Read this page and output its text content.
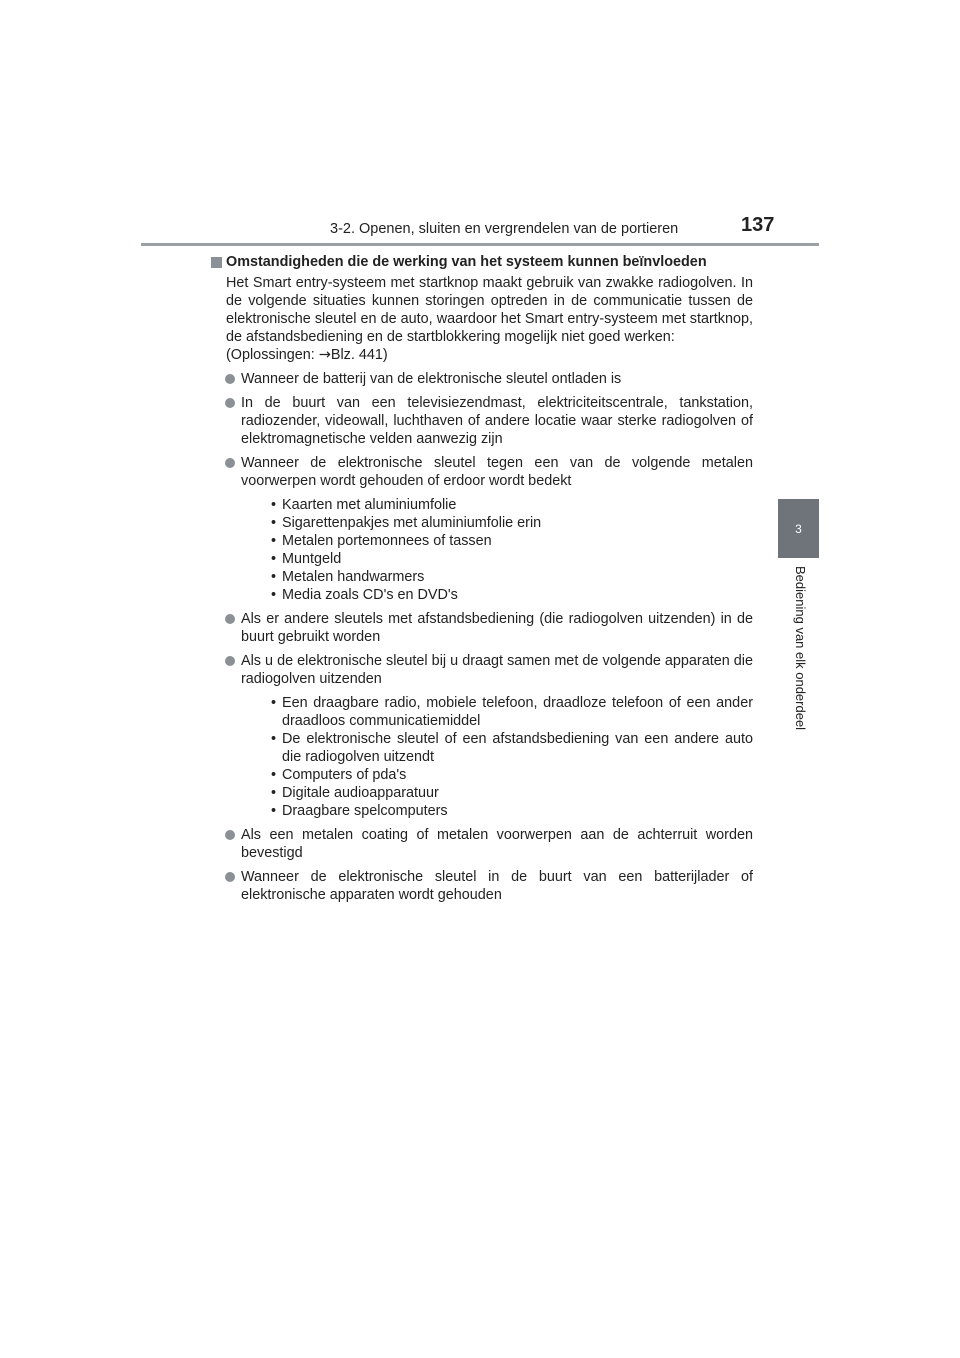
3-2. Openen, sluiten en vergrendelen van de portieren	137
3
Bediening van elk onderdeel
Omstandigheden die de werking van het systeem kunnen beïnvloeden
Het Smart entry-systeem met startknop maakt gebruik van zwakke radiogolven. In de volgende situaties kunnen storingen optreden in de communicatie tussen de elektronische sleutel en de auto, waardoor het Smart entry-systeem met startknop, de afstandsbediening en de startblokkering mogelijk niet goed werken:
(Oplossingen: →Blz. 441)
Wanneer de batterij van de elektronische sleutel ontladen is
In de buurt van een televisiezendmast, elektriciteitscentrale, tankstation, radiozender, videowall, luchthaven of andere locatie waar sterke radiogolven of elektromagnetische velden aanwezig zijn
Wanneer de elektronische sleutel tegen een van de volgende metalen voorwerpen wordt gehouden of erdoor wordt bedekt
• Kaarten met aluminiumfolie
• Sigarettenpakjes met aluminiumfolie erin
• Metalen portemonnees of tassen
• Muntgeld
• Metalen handwarmers
• Media zoals CD's en DVD's
Als er andere sleutels met afstandsbediening (die radiogolven uitzenden) in de buurt gebruikt worden
Als u de elektronische sleutel bij u draagt samen met de volgende apparaten die radiogolven uitzenden
• Een draagbare radio, mobiele telefoon, draadloze telefoon of een ander draadloos communicatiemiddel
• De elektronische sleutel of een afstandsbediening van een andere auto die radiogolven uitzendt
• Computers of pda's
• Digitale audioapparatuur
• Draagbare spelcomputers
Als een metalen coating of metalen voorwerpen aan de achterruit worden bevestigd
Wanneer de elektronische sleutel in de buurt van een batterijlader of elektronische apparaten wordt gehouden
